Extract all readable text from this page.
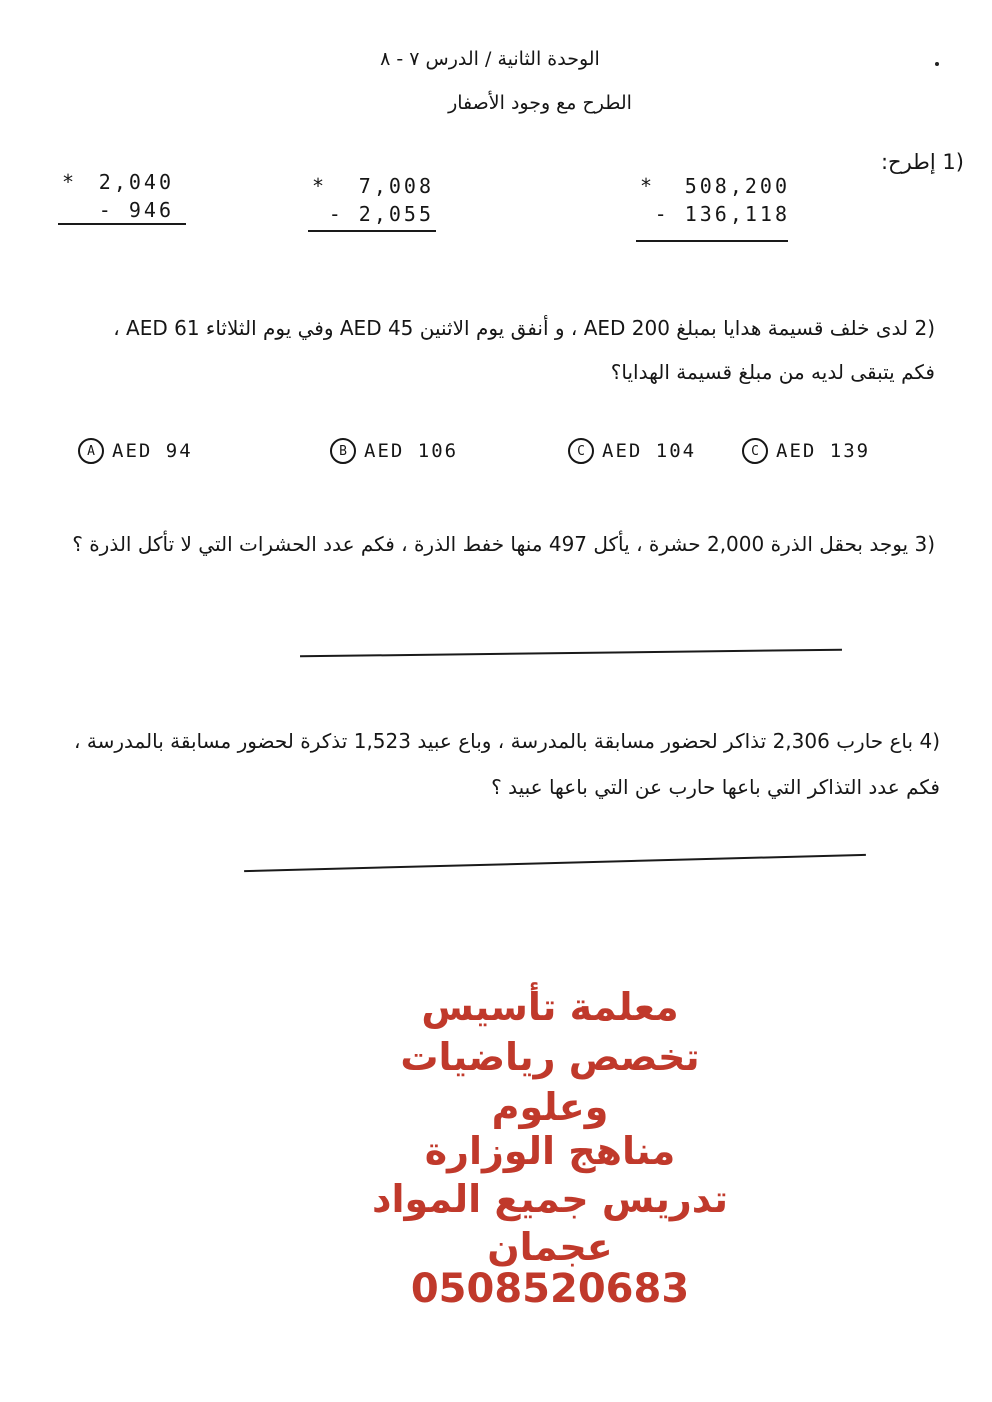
الوحدة الثانية / الدرس ٧ - ٨
الطرح مع وجود الأصفار
(1 إطرح:
* 508,200
- 136,118
* 7,008
- 2,055
* 2,040
- 946
(2 لدى خلف قسيمة هدايا بمبلغ AED 200 ، و أنفق يوم الاثنين AED 45 وفي يوم الثلاثاء AED 61 ، فكم يتبقى لديه من مبلغ قسيمة الهدايا؟
A AED 94	B AED 106	C AED 104	C AED 139
(3 يوجد بحقل الذرة 2,000 حشرة ، يأكل 497 منها خفط الذرة ، فكم عدد الحشرات التي لا تأكل الذرة ؟
(4 باع حارب 2,306 تذاكر لحضور مسابقة بالمدرسة ، وباع عبيد 1,523 تذكرة لحضور مسابقة بالمدرسة ، فكم عدد التذاكر التي باعها حارب عن التي باعها عبيد ؟
معلمة تأسيس
تخصص رياضيات
وعلوم
مناهج الوزارة
تدريس جميع المواد
عجمان
0508520683
